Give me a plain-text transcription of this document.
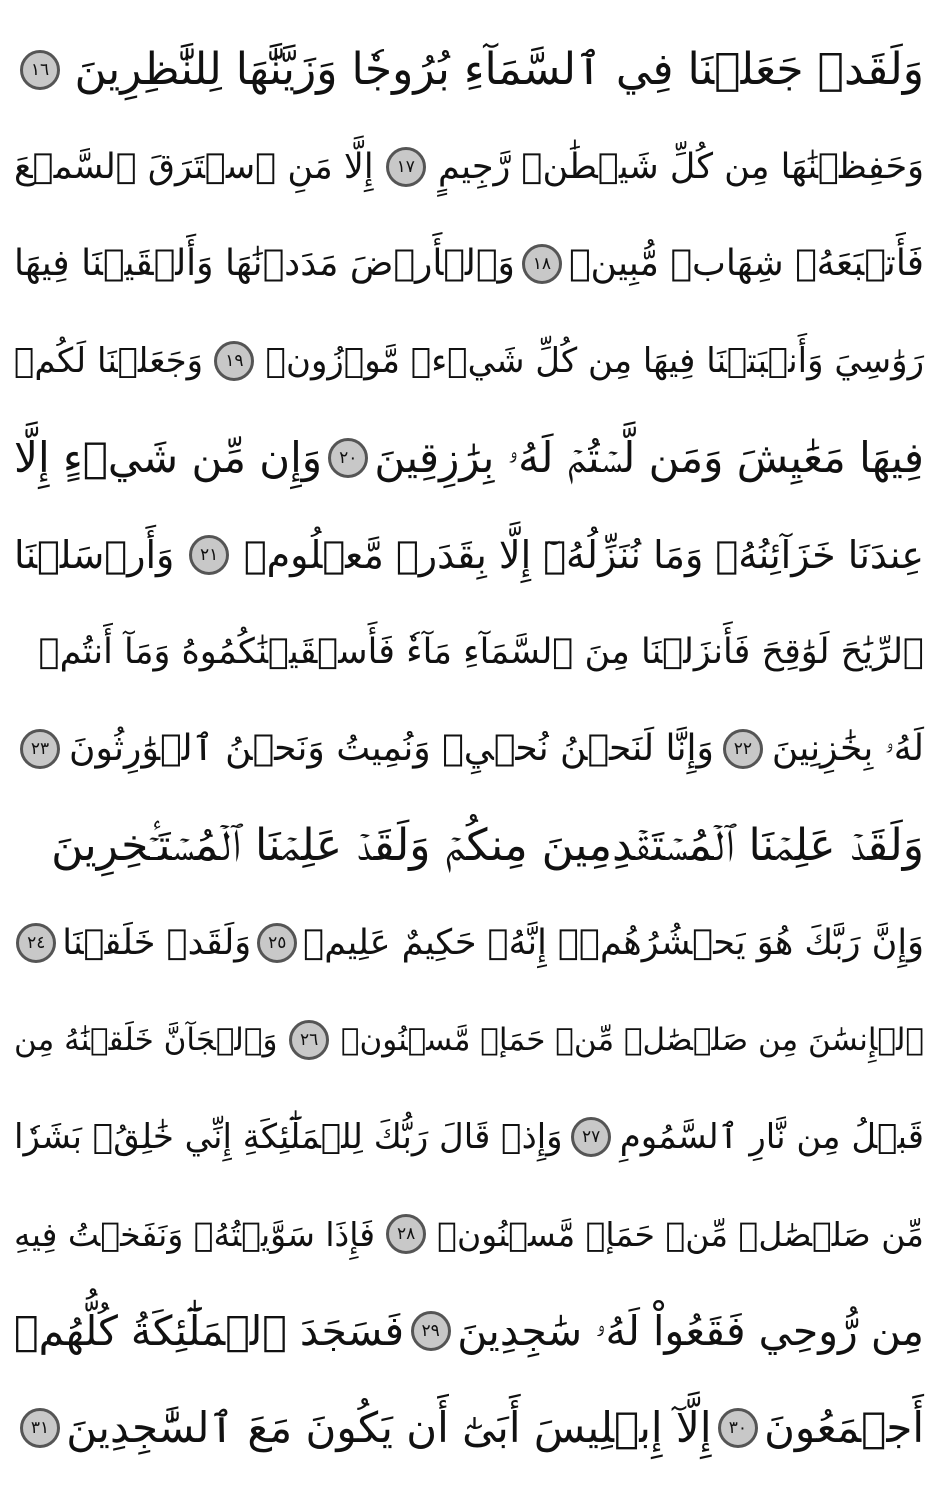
وَلَقَدۡ جَعَلۡنَا فِي ٱلسَّمَآءِ بُرُوجٗا وَزَيَّنَّٰهَا لِلنَّٰظِرِينَ
١٦
وَحَفِظۡنَٰهَا مِن كُلِّ شَيۡطَٰنٖ رَّجِيمٍ
١٧
إِلَّا مَنِ ٱسۡتَرَقَ ٱلسَّمۡعَ
فَأَتۡبَعَهُۥ شِهَابٞ مُّبِينٞ
١٨
وَٱلۡأَرۡضَ مَدَدۡنَٰهَا وَأَلۡقَيۡنَا فِيهَا
رَوَٰسِيَ وَأَنۢبَتۡنَا فِيهَا مِن كُلِّ شَيۡءٖ مَّوۡزُونٖ
١٩
وَجَعَلۡنَا لَكُمۡ
فِيهَا مَعَٰيِشَ وَمَن لَّسۡتُمۡ لَهُۥ بِرَٰزِقِينَ
٢٠
وَإِن مِّن شَيۡءٍ إِلَّا
عِندَنَا خَزَآئِنُهُۥ وَمَا نُنَزِّلُهُۥٓ إِلَّا بِقَدَرٖ مَّعۡلُومٖ
٢١
وَأَرۡسَلۡنَا
ٱلرِّيَٰحَ لَوَٰقِحَ فَأَنزَلۡنَا مِنَ ٱلسَّمَآءِ مَآءٗ فَأَسۡقَيۡنَٰكُمُوهُ وَمَآ أَنتُمۡ
لَهُۥ بِخَٰزِنِينَ
٢٢
وَإِنَّا لَنَحۡنُ نُحۡيِۦ وَنُمِيتُ وَنَحۡنُ ٱلۡوَٰرِثُونَ
٢٣
وَلَقَدۡ عَلِمۡنَا ٱلۡمُسۡتَقۡدِمِينَ مِنكُمۡ وَلَقَدۡ عَلِمۡنَا ٱلۡمُسۡتَـٔۡخِرِينَ
وَإِنَّ رَبَّكَ هُوَ يَحۡشُرُهُمۡۚ إِنَّهُۥ حَكِيمٌ عَلِيمٞ
٢٥
وَلَقَدۡ خَلَقۡنَا
٢٤
ٱلۡإِنسَٰنَ مِن صَلۡصَٰلٖ مِّنۡ حَمَإٖ مَّسۡنُونٖ
٢٦
وَٱلۡجَآنَّ خَلَقۡنَٰهُ مِن
قَبۡلُ مِن نَّارِ ٱلسَّمُومِ
٢٧
وَإِذۡ قَالَ رَبُّكَ لِلۡمَلَٰٓئِكَةِ إِنِّي خَٰلِقُۢ بَشَرٗا
مِّن صَلۡصَٰلٖ مِّنۡ حَمَإٖ مَّسۡنُونٖ
٢٨
فَإِذَا سَوَّيۡتُهُۥ وَنَفَخۡتُ فِيهِ
مِن رُّوحِي فَقَعُواْ لَهُۥ سَٰجِدِينَ
٢٩
فَسَجَدَ ٱلۡمَلَٰٓئِكَةُ كُلُّهُمۡ
أَجۡمَعُونَ
٣٠
إِلَّآ إِبۡلِيسَ أَبَىٰٓ أَن يَكُونَ مَعَ ٱلسَّٰجِدِينَ
٣١
